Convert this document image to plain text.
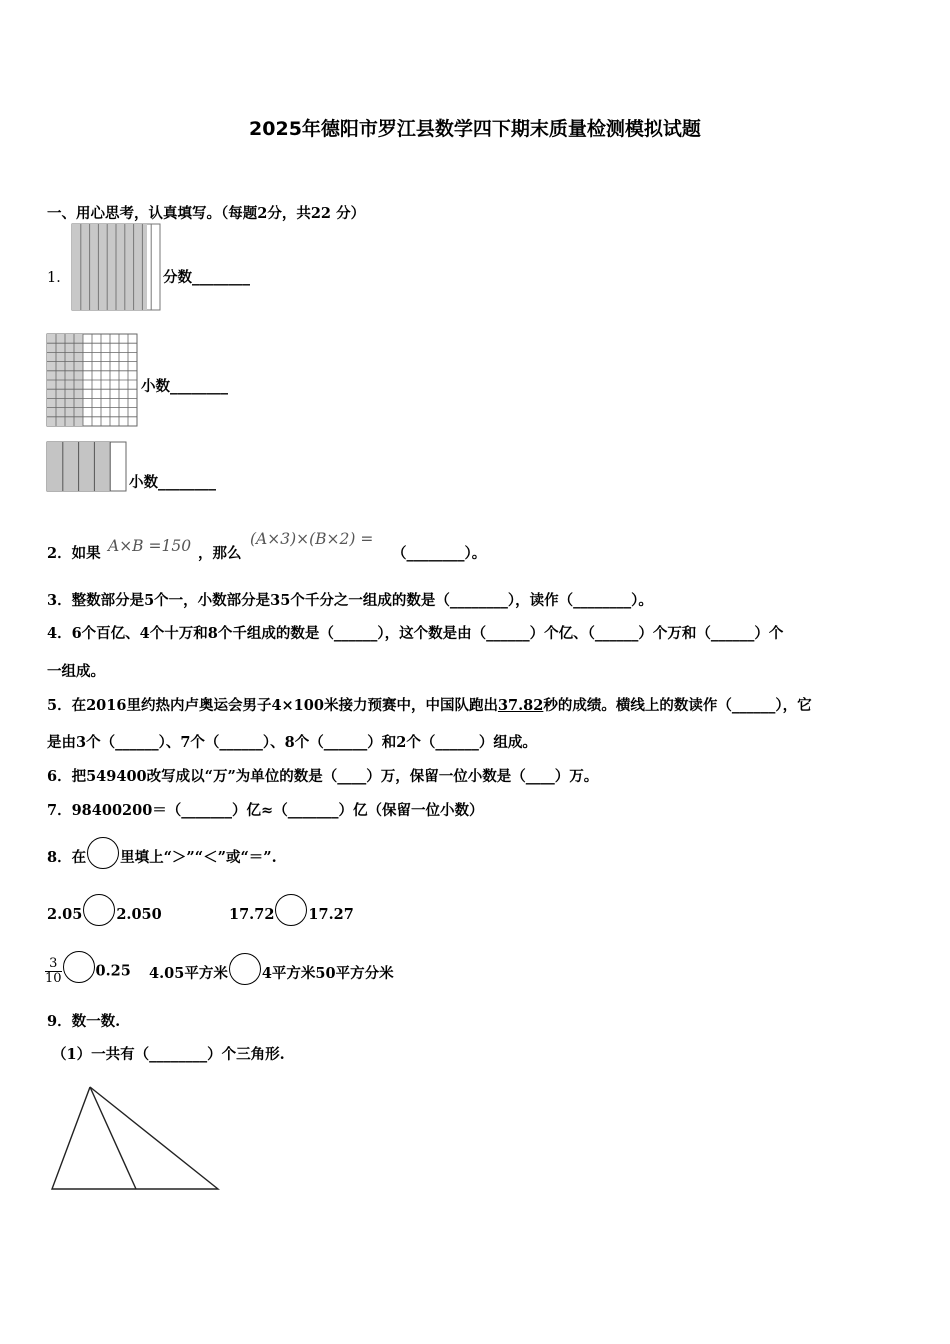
2025年德阳市罗江县数学四下期末质量检测模拟试题
一、用心思考，认真填写。（每题2分，共22 分）
1．	分数________
小数________
小数________
2．如果 A×B =150 ，那么
(A×3)×(B×2) =
（________）。
3．整数部分是5个一，小数部分是35个千分之一组成的数是（________），读作（________）。
4．6个百亿、4个十万和8个千组成的数是（______），这个数是由（______）个亿、（______）个万和（______）个
一组成。
5．在2016里约热内卢奥运会男子4×100米接力预赛中，中国队跑出37.82秒的成绩。横线上的数读作（______），它
是由3个（______）、7个（______）、8个（______）和2个（______）组成。
6．把549400改写成以“万”为单位的数是（____）万，保留一位小数是（____）万。
7．98400200＝（_______）亿≈（_______）亿（保留一位小数）
8．在 里填上“＞”“＜”或“＝”.
2.05 2.050	17.72 17.27
$\frac{3}{10} 0.25$ 4.05平方米 4平方米50平方分米
9．数一数.
（1）一共有（________）个三角形.
